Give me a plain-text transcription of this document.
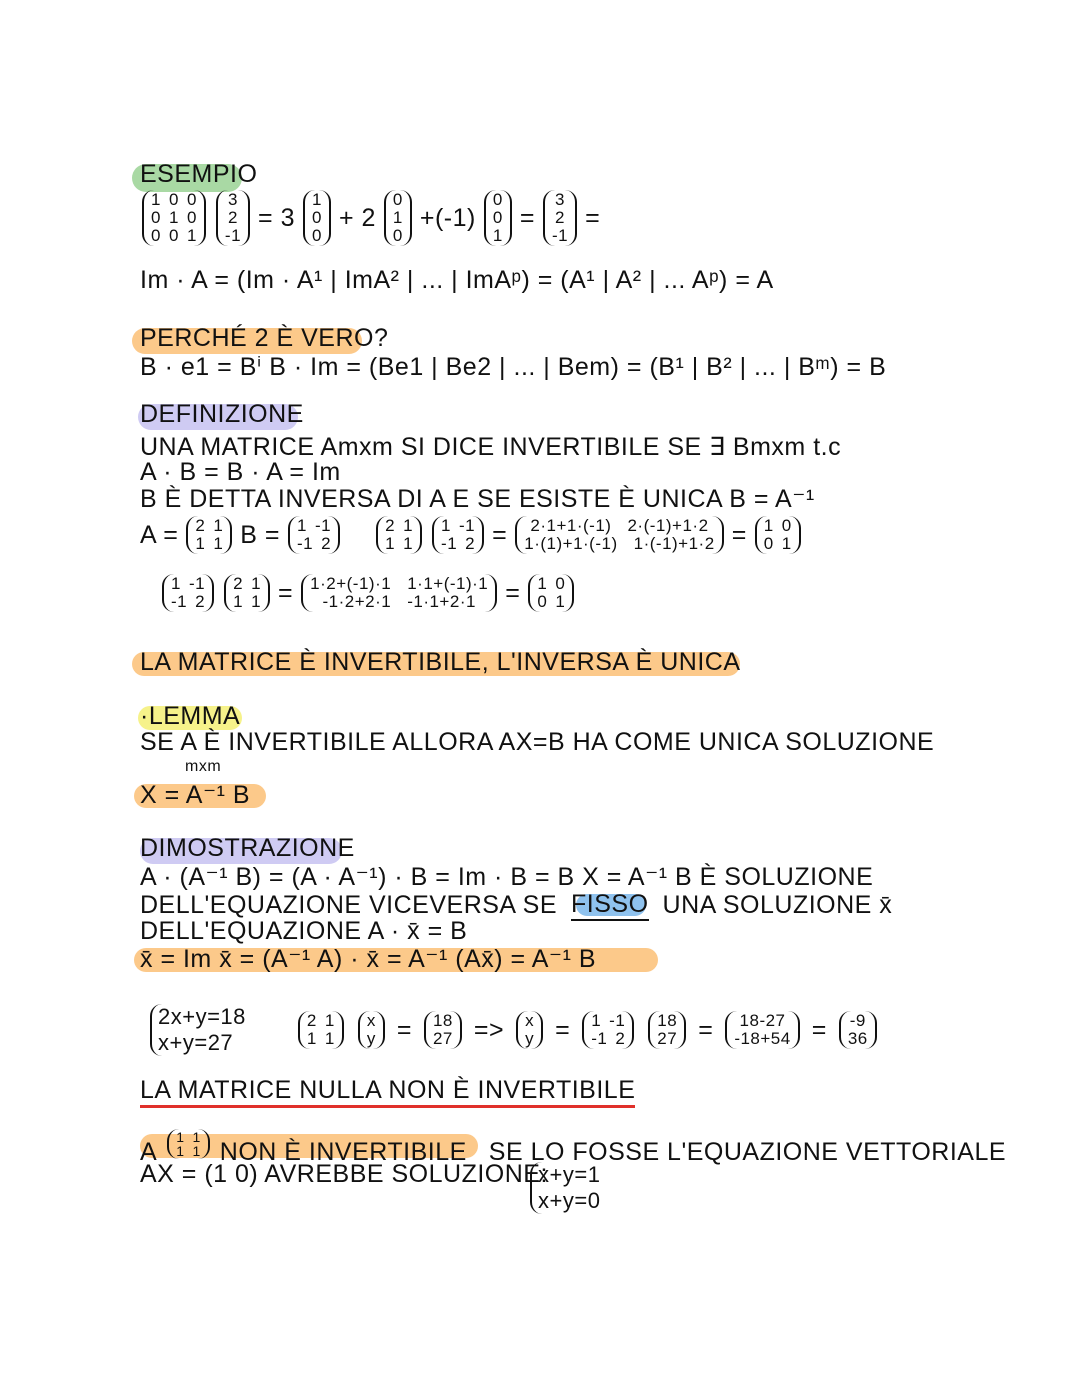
ESEMPIO
1 0 0
0 1 0
0 0 1
3
2
-1
= 3
1
0
0
+ 2
0
1
0
+(-1)
0
0
1
=
3
2
-1
=
Im · A = (Im · A¹ | ImA² | ... | ImAᵖ) = (A¹ | A² | ... Aᵖ) = A
PERCHÉ 2 È VERO?
B · e1 = Bⁱ B · Im = (Be1 | Be2 | ... | Bem) = (B¹ | B² | ... | Bᵐ) = B
DEFINIZIONE
UNA MATRICE Amxm SI DICE INVERTIBILE SE ∃ Bmxm t.c
A · B = B · A = Im
B È DETTA INVERSA DI A E SE ESISTE È UNICA B = A⁻¹
A = 2 1
1 1 B = 1 -1
-1 2
2 1
1 1
1 -1
-1 2 = 2·1+1·(-1) 2·(-1)+1·2
1·(1)+1·(-1) 1·(-1)+1·2 = 1 0
0 1
1 -1
-1 2
2 1
1 1 = 1·2+(-1)·1 1·1+(-1)·1
-1·2+2·1 -1·1+2·1 = 1 0
0 1
LA MATRICE È INVERTIBILE, L'INVERSA È UNICA
·LEMMA
SE A È INVERTIBILE ALLORA AX=B HA COME UNICA SOLUZIONE
mxm
X = A⁻¹ B
DIMOSTRAZIONE
A · (A⁻¹ B) = (A · A⁻¹) · B = Im · B = B X = A⁻¹ B È SOLUZIONE
DELL'EQUAZIONE VICEVERSA SE FISSO UNA SOLUZIONE x̄
DELL'EQUAZIONE A · x̄ = B
x̄ = Im x̄ = (A⁻¹ A) · x̄ = A⁻¹ (Ax̄) = A⁻¹ B
2x+y=18
x+y=27
2 1
1 1
x
y = 18
27 => x
y = 1 -1
-1 2
18
27 =	18-27
-18+54 = -9
36
LA MATRICE NULLA NON È INVERTIBILE
A
1 1
1 1 NON È INVERTIBILE SE LO FOSSE L'EQUAZIONE VETTORIALE
AX = (1 0) AVREBBE SOLUZIONE:
x+y=1
x+y=0
